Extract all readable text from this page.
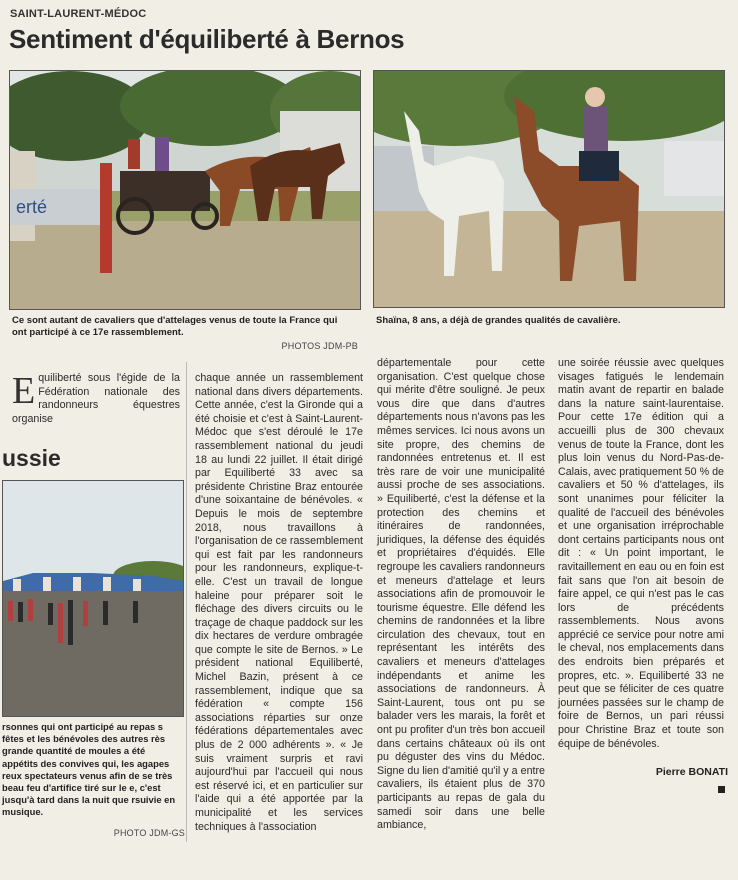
SAINT-LAURENT-MÉDOC
Sentiment d'équiliberté à Bernos
erté
Ce sont autant de cavaliers que d'attelages venus de toute la France qui ont participé à ce 17e rassemblement.
PHOTOS JDM-PB
Shaïna, 8 ans, a déjà de grandes qualités de cavalière.
ussie
rsonnes qui ont participé au repas s fêtes et les bénévoles des autres rès grande quantité de moules a été appétits des convives qui, les agapes reux spectateurs venus afin de se très beau feu d'artifice tiré sur le e, c'est jusqu'à tard dans la nuit que rsuivie en musique.
PHOTO JDM-GS
Equiliberté sous l'égide de la Fédération nationale des randonneurs équestres organise
chaque année un rassemblement national dans divers départements. Cette année, c'est la Gironde qui a été choisie et c'est à Saint-Laurent-Médoc que s'est déroulé le 17e rassemblement national du jeudi 18 au lundi 22 juillet. Il était dirigé par Equiliberté 33 avec sa présidente Christine Braz entourée d'une soixantaine de bénévoles. « Depuis le mois de septembre 2018, nous travaillons à l'organisation de ce rassemblement qui est fait par les randonneurs pour les randonneurs, explique-t-elle. C'est un travail de longue haleine pour préparer soit le fléchage des divers circuits ou le traçage de chaque paddock sur les dix hectares de verdure ombragée que compte le site de Bernos. » Le président national Equiliberté, Michel Bazin, présent à ce rassemblement, indique que sa fédération « compte 156 associations réparties sur onze fédérations départementales avec plus de 2 000 adhérents ». « Je suis vraiment surpris et ravi aujourd'hui par l'accueil qui nous est réservé ici, et en particulier sur l'aide qui a été apportée par la municipalité et les services techniques à l'association
départementale pour cette organisation. C'est quelque chose qui mérite d'être souligné. Je peux vous dire que dans d'autres départements nous n'avons pas les mêmes services. Ici nous avons un site propre, des chemins de randonnées entretenus et. Il est très rare de voir une municipalité aussi proche de ses associations. » Equiliberté, c'est la défense et la protection des chemins et itinéraires de randonnées, juridiques, la défense des équidés et propriétaires d'équidés. Elle regroupe les cavaliers randonneurs et meneurs d'attelage et leurs associations afin de promouvoir le tourisme équestre. Elle défend les chemins de randonnées et la libre circulation des chevaux, tout en représentant les intérêts des cavaliers et meneurs d'attelages indépendants et anime les associations de randonneurs. À Saint-Laurent, tous ont pu se balader vers les marais, la forêt et ont pu profiter d'un très bon accueil dans certains châteaux où ils ont pu déguster des vins du Médoc. Signe du lien d'amitié qu'il y a entre cavaliers, ils étaient plus de 370 participants au repas de gala du samedi soir dans une belle ambiance,
une soirée réussie avec quelques visages fatigués le lendemain matin avant de repartir en balade dans la nature saint-laurentaise. Pour cette 17e édition qui a accueilli plus de 300 chevaux venus de toute la France, dont les plus loin venus du Nord-Pas-de-Calais, avec pratiquement 50 % de cavaliers et 50 % d'attelages, ils sont unanimes pour féliciter la qualité de l'accueil des bénévoles et une organisation irréprochable dont certains participants nous ont dit : « Un point important, le ravitaillement en eau ou en foin est fait sans que l'on ait besoin de faire appel, ce qui n'est pas le cas lors de précédents rassemblements. Nous avons apprécié ce service pour notre ami le cheval, nos emplacements dans des endroits bien préparés et propres, etc. ». Equiliberté 33 ne peut que se féliciter de ces quatre journées passées sur le champ de foire de Bernos, un pari réussi pour Christine Braz et toute son équipe de bénévoles.
Pierre BONATI
